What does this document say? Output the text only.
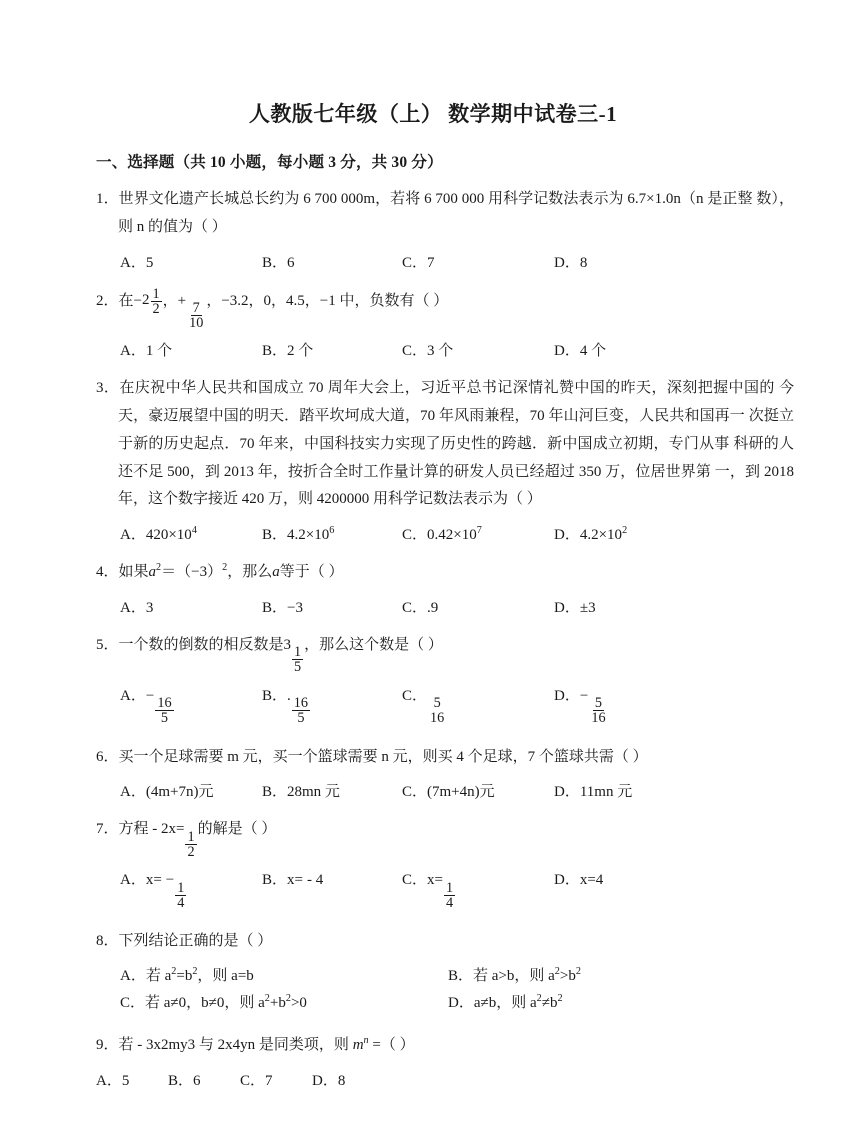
人教版七年级（上） 数学期中试卷三-1
一、选择题（共 10 小题，每小题 3 分，共 30 分）
1．世界文化遗产长城总长约为 6 700 000m，若将 6 700 000 用科学记数法表示为 6.7×1.0n（n 是正整 数），则 n 的值为（ ）
A．5	B．6	C．7	D．8
2．在− $2 \frac{1}{2}$ ，+
$\frac{7}{10}$
，−3.2，0，4.5，−1 中，负数有（ ）
A．1 个	B．2 个	C．3 个	D．4 个
3．在庆祝中华人民共和国成立 70 周年大会上，习近平总书记深情礼赞中国的昨天，深刻把握中国的 今天，豪迈展望中国的明天．踏平坎坷成大道，70 年风雨兼程，70 年山河巨变，人民共和国再一 次挺立于新的历史起点．70 年来，中国科技实力实现了历史性的跨越．新中国成立初期，专门从事 科研的人还不足 500，到 2013 年，按折合全时工作量计算的研发人员已经超过 350 万，位居世界第 一，到 2018 年，这个数字接近 420 万，则 4200000 用科学记数法表示为（ ）
A．$420\times 10^4$	B．$4.2\times 10^6$	C．$0.42\times 10^7$	D．$4.2\times 10^2$
4．如果$a^2=(-3)^2$，那么a等于（ ）
A．3	B．−3	C．.9	D．±3
5．一个数的倒数的相反数是3
$\frac{1}{5}$
，那么这个数是（ ）
A．−
$\frac{16}{5}$
B．.
$\frac{16}{5}$
C． 5
16
D．−
$\frac{5}{16}$
6．买一个足球需要 m 元，买一个篮球需要 n 元，则买 4 个足球，7 个篮球共需（ ）
A．(4m+7n)元	B．28mn 元	C．(7m+4n)元	D．11mn 元
7．方程 - 2x=
$\frac{1}{2}$
的解是（ ）
A．x= −
$\frac{1}{4}$
B．x= - 4	C．x=
$\frac{1}{4}$
D．x=4
8．下列结论正确的是（ ）
A．若 $a^2=b^2$，则 a=b	B．若 a>b，则 $a^2>b^2$
C．若 a≠0，b≠0，则 $a^2+b^2>0$	D．a≠b，则 $a^2\ne b^2$
9．若 - 3x2my3 与 2x4yn 是同类项，则 $m^n$ =（ ）
A．5	B．6	C．7	D．8
